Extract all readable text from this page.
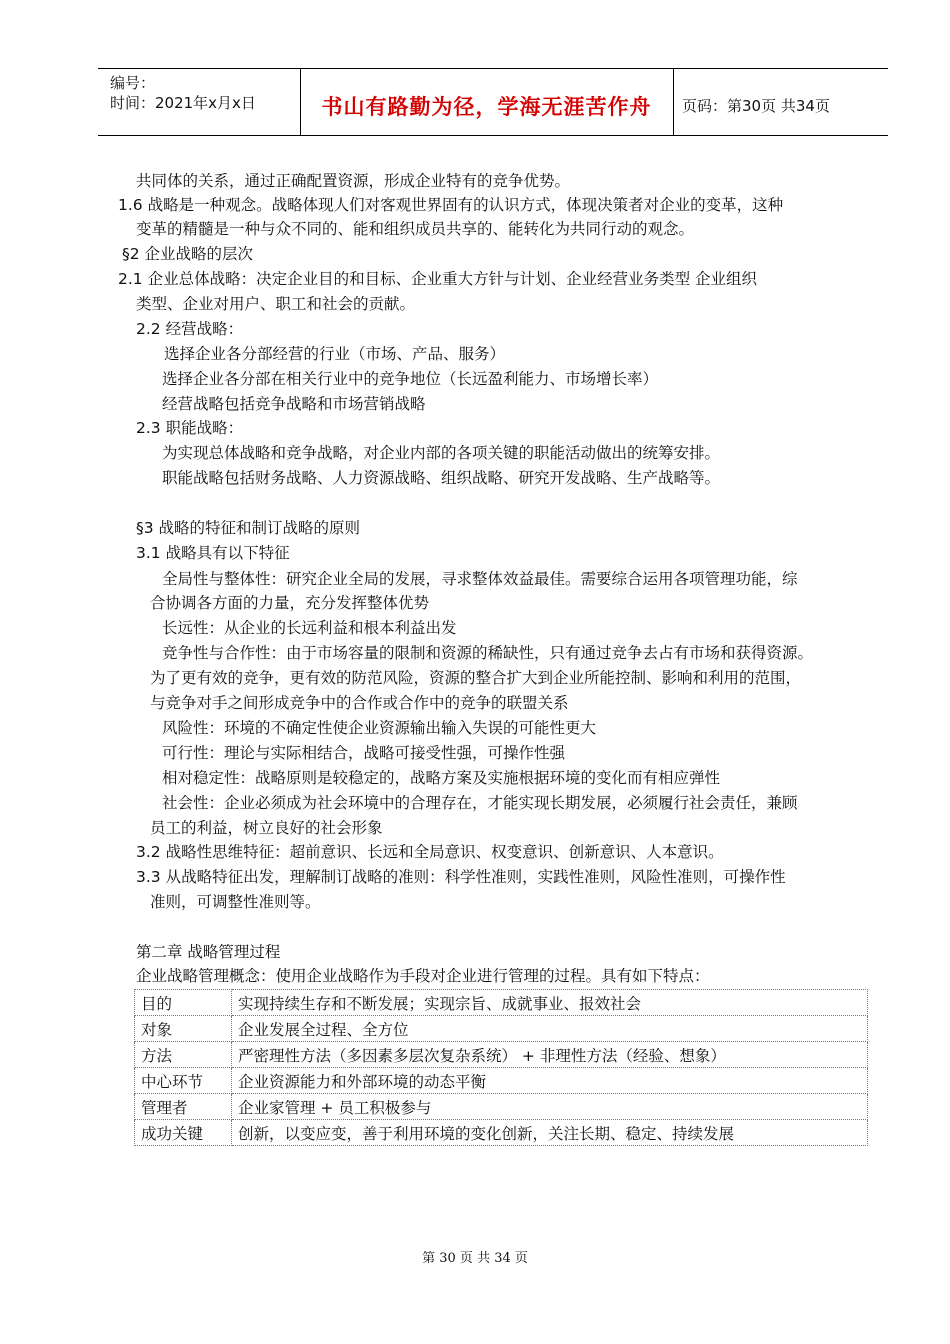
编号：
时间：2021年x月x日	书山有路勤为径，学海无涯苦作舟	页码：第30页 共34页
共同体的关系，通过正确配置资源，形成企业特有的竞争优势。
1.6 战略是一种观念。战略体现人们对客观世界固有的认识方式，体现决策者对企业的变革，这种
变革的精髓是一种与众不同的、能和组织成员共享的、能转化为共同行动的观念。
§2 企业战略的层次
2.1 企业总体战略：决定企业目的和目标、企业重大方针与计划、企业经营业务类型 企业组织
类型、企业对用户、职工和社会的贡献。
2.2 经营战略：
选择企业各分部经营的行业（市场、产品、服务）
选择企业各分部在相关行业中的竞争地位（长远盈利能力、市场增长率）
经营战略包括竞争战略和市场营销战略
2.3 职能战略：
为实现总体战略和竞争战略，对企业内部的各项关键的职能活动做出的统筹安排。
职能战略包括财务战略、人力资源战略、组织战略、研究开发战略、生产战略等。
§3 战略的特征和制订战略的原则
3.1 战略具有以下特征
全局性与整体性：研究企业全局的发展，寻求整体效益最佳。需要综合运用各项管理功能，综
合协调各方面的力量，充分发挥整体优势
长远性：从企业的长远利益和根本利益出发
竞争性与合作性：由于市场容量的限制和资源的稀缺性，只有通过竞争去占有市场和获得资源。
为了更有效的竞争，更有效的防范风险，资源的整合扩大到企业所能控制、影响和利用的范围，
与竞争对手之间形成竞争中的合作或合作中的竞争的联盟关系
风险性：环境的不确定性使企业资源输出输入失误的可能性更大
可行性：理论与实际相结合，战略可接受性强，可操作性强
相对稳定性：战略原则是较稳定的，战略方案及实施根据环境的变化而有相应弹性
社会性：企业必须成为社会环境中的合理存在，才能实现长期发展，必须履行社会责任，兼顾
员工的利益，树立良好的社会形象
3.2 战略性思维特征：超前意识、长远和全局意识、权变意识、创新意识、人本意识。
3.3 从战略特征出发，理解制订战略的准则：科学性准则，实践性准则，风险性准则，可操作性
准则，可调整性准则等。
第二章 战略管理过程
企业战略管理概念：使用企业战略作为手段对企业进行管理的过程。具有如下特点：
目的	实现持续生存和不断发展；实现宗旨、成就事业、报效社会
对象	企业发展全过程、全方位
方法	严密理性方法（多因素多层次复杂系统） + 非理性方法（经验、想象）
中心环节	企业资源能力和外部环境的动态平衡
管理者	企业家管理 + 员工积极参与
成功关键	创新，以变应变，善于利用环境的变化创新，关注长期、稳定、持续发展
第 30 页 共 34 页
